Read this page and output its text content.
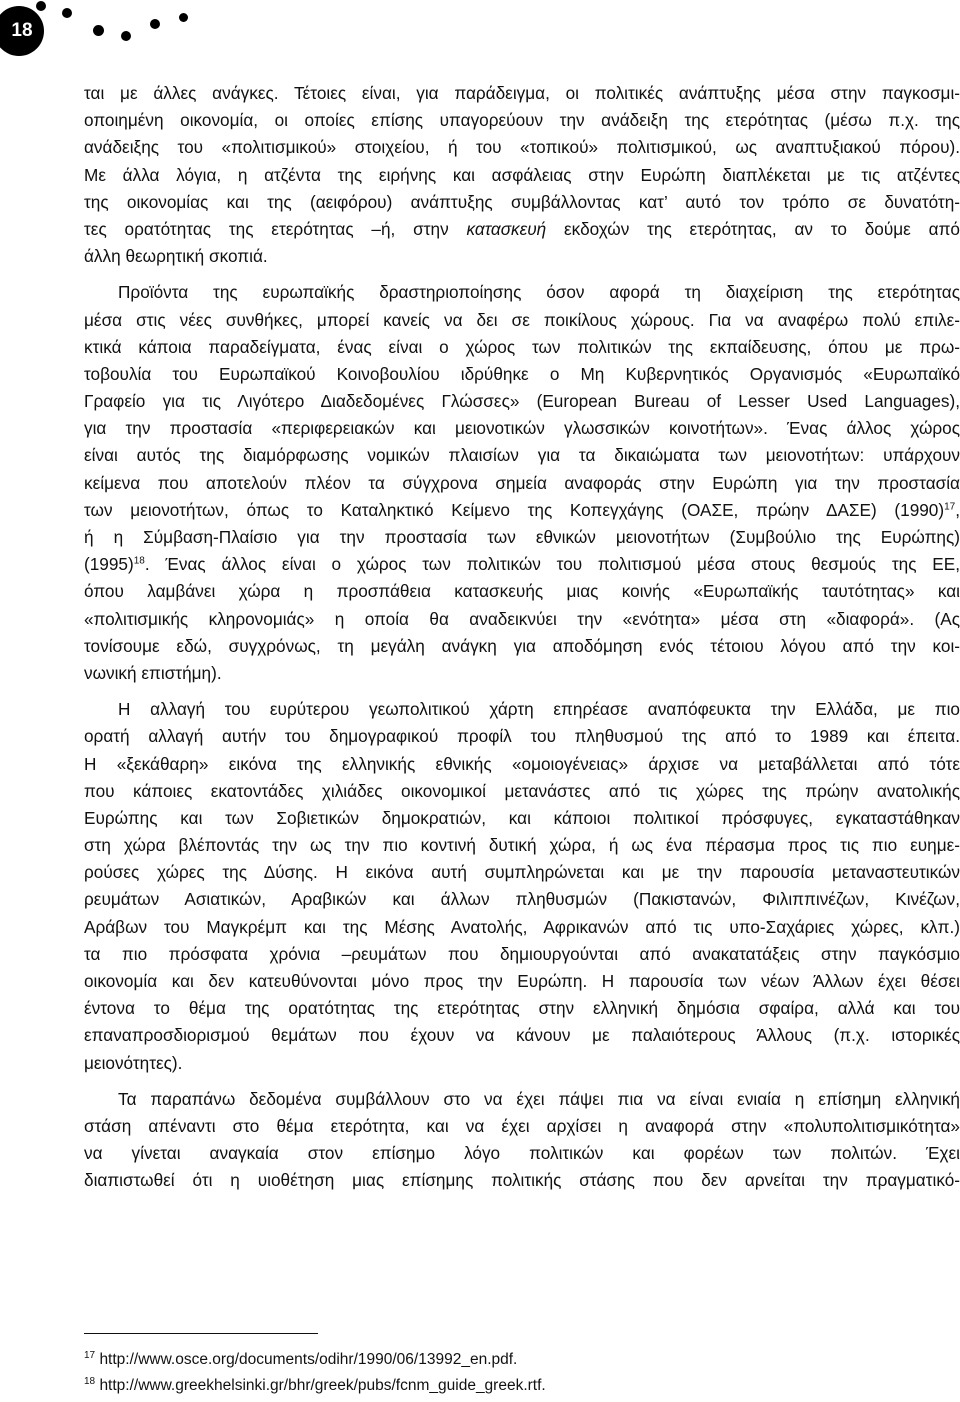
18
ται με άλλες ανάγκες. Τέτοιες είναι, για παράδειγμα, οι πολιτικές ανάπτυξης μέσα στην παγκοσμι-
οποιημένη οικονομία, οι οποίες επίσης υπαγορεύουν την ανάδειξη της ετερότητας (μέσω π.χ. της
ανάδειξης του «πολιτισμικού» στοιχείου, ή του «τοπικού» πολιτισμικού, ως αναπτυξιακού πόρου).
Με άλλα λόγια, η ατζέντα της ειρήνης και ασφάλειας στην Ευρώπη διαπλέκεται με τις ατζέντες
της οικονομίας και της (αειφόρου) ανάπτυξης συμβάλλοντας κατ’ αυτό τον τρόπο σε δυνατότη-
τες ορατότητας της ετερότητας –ή, στην κατασκευή εκδοχών της ετερότητας, αν το δούμε από
άλλη θεωρητική σκοπιά.
Προϊόντα της ευρωπαϊκής δραστηριοποίησης όσον αφορά τη διαχείριση της ετερότητας
μέσα στις νέες συνθήκες, μπορεί κανείς να δει σε ποικίλους χώρους. Για να αναφέρω πολύ επιλε-
κτικά κάποια παραδείγματα, ένας είναι ο χώρος των πολιτικών της εκπαίδευσης, όπου με πρω-
τοβουλία του Ευρωπαϊκού Κοινοβουλίου ιδρύθηκε ο Μη Κυβερνητικός Οργανισμός «Ευρωπαϊκό
Γραφείο για τις Λιγότερο Διαδεδομένες Γλώσσες» (European Bureau of Lesser Used Languages),
για την προστασία «περιφερειακών και μειονοτικών γλωσσικών κοινοτήτων». Ένας άλλος χώρος
είναι αυτός της διαμόρφωσης νομικών πλαισίων για τα δικαιώματα των μειονοτήτων: υπάρχουν
κείμενα που αποτελούν πλέον τα σύγχρονα σημεία αναφοράς στην Ευρώπη για την προστασία
των μειονοτήτων, όπως το Καταληκτικό Κείμενο της Κοπεγχάγης (ΟΑΣΕ, πρώην ΔΑΣΕ) $(1990)^{17}$,
ή η Σύμβαση-Πλαίσιο για την προστασία των εθνικών μειονοτήτων (Συμβούλιο της Ευρώπης)
$(1995)^{18}$. Ένας άλλος είναι ο χώρος των πολιτικών του πολιτισμού μέσα στους θεσμούς της ΕΕ,
όπου λαμβάνει χώρα η προσπάθεια κατασκευής μιας κοινής «Ευρωπαϊκής ταυτότητας» και
«πολιτισμικής κληρονομιάς» η οποία θα αναδεικνύει την «ενότητα» μέσα στη «διαφορά». (Ας
τονίσουμε εδώ, συγχρόνως, τη μεγάλη ανάγκη για αποδόμηση ενός τέτοιου λόγου από την κοι-
νωνική επιστήμη).
Η αλλαγή του ευρύτερου γεωπολιτικού χάρτη επηρέασε αναπόφευκτα την Ελλάδα, με πιο
ορατή αλλαγή αυτήν του δημογραφικού προφίλ του πληθυσμού της από το 1989 και έπειτα.
Η «ξεκάθαρη» εικόνα της ελληνικής εθνικής «ομοιογένειας» άρχισε να μεταβάλλεται από τότε
που κάποιες εκατοντάδες χιλιάδες οικονομικοί μετανάστες από τις χώρες της πρώην ανατολικής
Ευρώπης και των Σοβιετικών δημοκρατιών, και κάποιοι πολιτικοί πρόσφυγες, εγκαταστάθηκαν
στη χώρα βλέποντάς την ως την πιο κοντινή δυτική χώρα, ή ως ένα πέρασμα προς τις πιο ευημε-
ρούσες χώρες της Δύσης. Η εικόνα αυτή συμπληρώνεται και με την παρουσία μεταναστευτικών
ρευμάτων Ασιατικών, Αραβικών και άλλων πληθυσμών (Πακιστανών, Φιλιππινέζων, Κινέζων,
Αράβων του Μαγκρέμπ και της Μέσης Ανατολής, Αφρικανών από τις υπο-Σαχάριες χώρες, κλπ.)
τα πιο πρόσφατα χρόνια –ρευμάτων που δημιουργούνται από ανακατατάξεις στην παγκόσμιο
οικονομία και δεν κατευθύνονται μόνο προς την Ευρώπη. Η παρουσία των νέων Άλλων έχει θέσει
έντονα το θέμα της ορατότητας της ετερότητας στην ελληνική δημόσια σφαίρα, αλλά και του
επαναπροσδιορισμού θεμάτων που έχουν να κάνουν με παλαιότερους Άλλους (π.χ. ιστορικές
μειονότητες).
Τα παραπάνω δεδομένα συμβάλλουν στο να έχει πάψει πια να είναι ενιαία η επίσημη ελληνική
στάση απέναντι στο θέμα ετερότητα, και να έχει αρχίσει η αναφορά στην «πολυπολιτισμικότητα»
να γίνεται αναγκαία στον επίσημο λόγο πολιτικών και φορέων των πολιτών. Έχει
διαπιστωθεί ότι η υιοθέτηση μιας επίσημης πολιτικής στάσης που δεν αρνείται την πραγματικό-
$^{17}$ http://www.osce.org/documents/odihr/1990/06/13992_en.pdf.
$^{18}$ http://www.greekhelsinki.gr/bhr/greek/pubs/fcnm_guide_greek.rtf.
